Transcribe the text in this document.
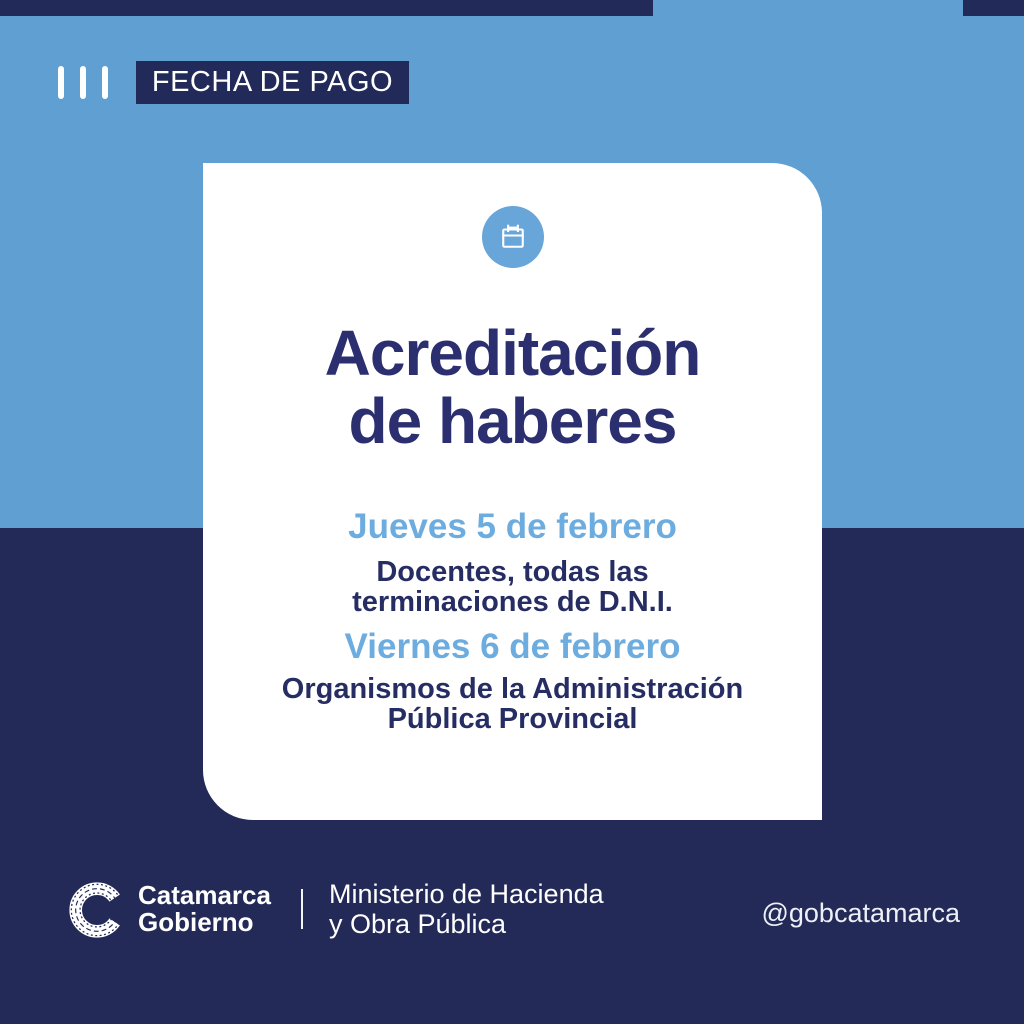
FECHA DE PAGO
Acreditación
de haberes
Jueves 5 de febrero
Docentes, todas las
terminaciones de D.N.I.
Viernes 6 de febrero
Organismos de la Administración
Pública Provincial
Catamarca
Gobierno
Ministerio de Hacienda
y Obra Pública	@gobcatamarca
